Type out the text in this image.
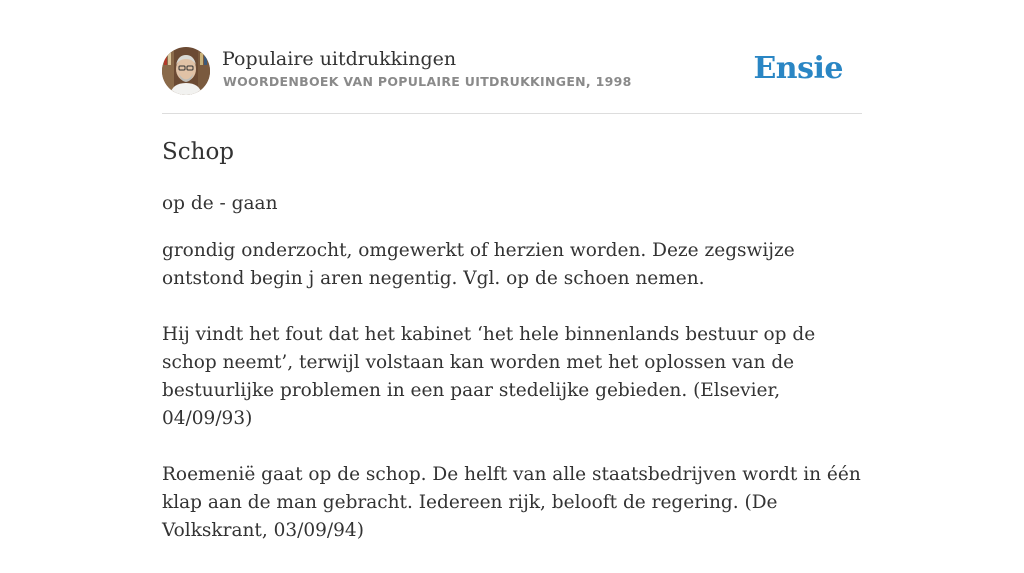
Populaire uitdrukkingen
WOORDENBOEK VAN POPULAIRE UITDRUKKINGEN, 1998	Ensie
Schop
op de - gaan

grondig onderzocht, omgewerkt of herzien worden. Deze zegswijze ontstond begin j aren negentig. Vgl. op de schoen nemen.

Hij vindt het fout dat het kabinet ‘het hele binnenlands bestuur op de schop neemt’, terwijl volstaan kan worden met het oplossen van de bestuurlijke problemen in een paar stedelijke gebieden. (Elsevier, 04/09/93)

Roemenië gaat op de schop. De helft van alle staatsbedrijven wordt in één klap aan de man gebracht. Iedereen rijk, belooft de regering. (De Volkskrant, 03/09/94)
